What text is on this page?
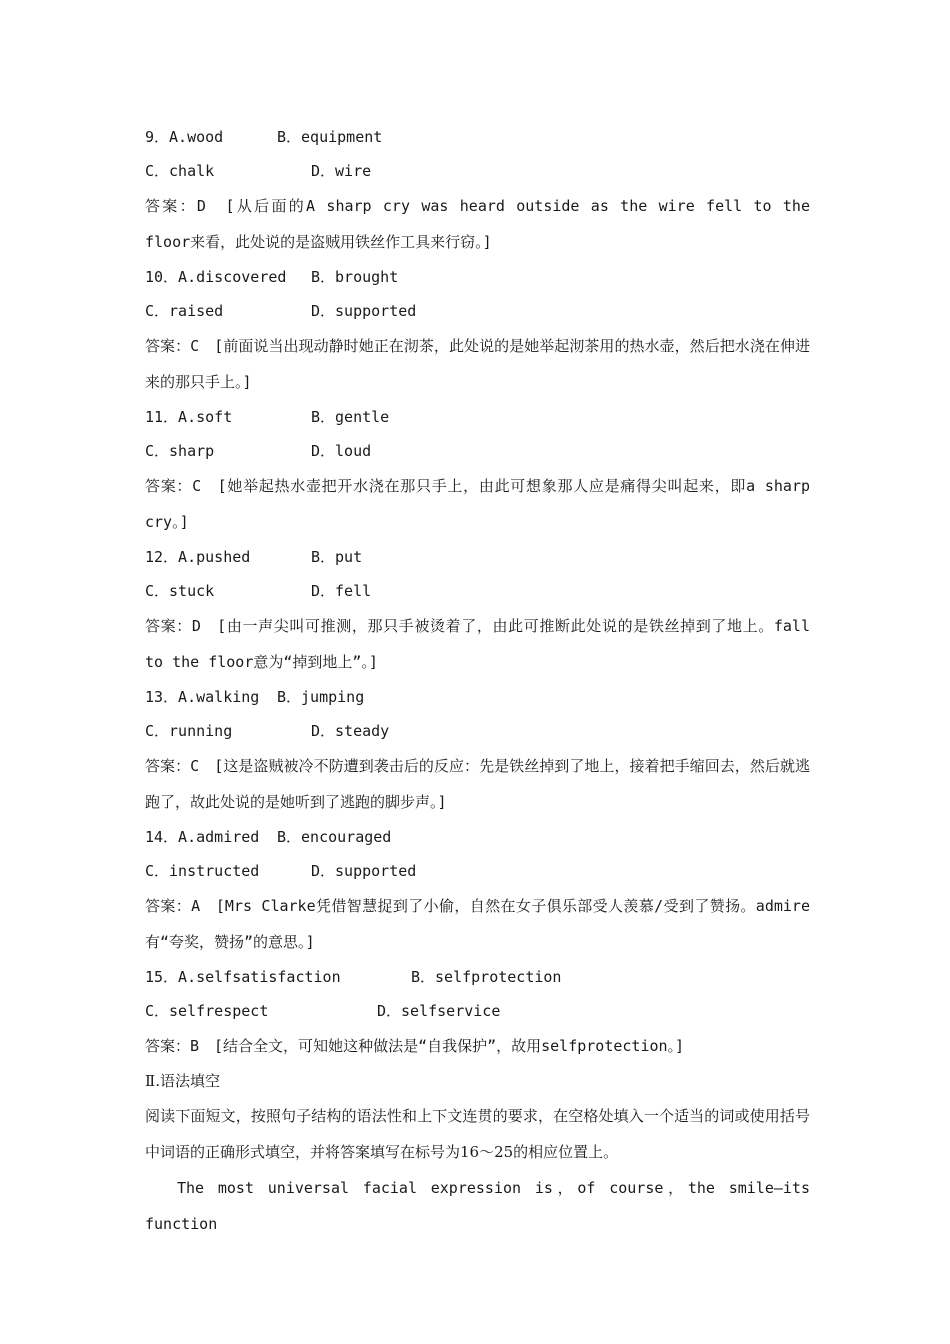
9．A.wood	B．equipment
C．chalk	D．wire
答案：D　[从后面的A sharp cry was heard outside as the wire fell to the floor来看，此处说的是盗贼用铁丝作工具来行窃。]
10．A.discovered B．brought
C．raised	D．supported
答案：C　[前面说当出现动静时她正在沏茶，此处说的是她举起沏茶用的热水壶，然后把水浇在伸进来的那只手上。]
11．A.soft	B．gentle
C．sharp	D．loud
答案：C　[她举起热水壶把开水浇在那只手上，由此可想象那人应是痛得尖叫起来，即a sharp cry。]
12．A.pushed	B．put
C．stuck	D．fell
答案：D　[由一声尖叫可推测，那只手被烫着了，由此可推断此处说的是铁丝掉到了地上。fall to the floor意为“掉到地上”。]
13．A.walking B．jumping
C．running	D．steady
答案：C　[这是盗贼被冷不防遭到袭击后的反应：先是铁丝掉到了地上，接着把手缩回去，然后就逃跑了，故此处说的是她听到了逃跑的脚步声。]
14．A.admired B．encouraged
C．instructed	D．supported
答案：A　[Mrs Clarke凭借智慧捉到了小偷，自然在女子俱乐部受人羡慕/受到了赞扬。admire有“夸奖，赞扬”的意思。]
15．A.selfsatisfaction	B．selfprotection
C．selfrespect	D．selfservice
答案：B　[结合全文，可知她这种做法是“自我保护”，故用selfprotection。]
Ⅱ.语法填空
阅读下面短文，按照句子结构的语法性和上下文连贯的要求，在空格处填入一个适当的词或使用括号中词语的正确形式填空，并将答案填写在标号为16～25的相应位置上。
The most universal facial expression is，of course，the smile—its function
